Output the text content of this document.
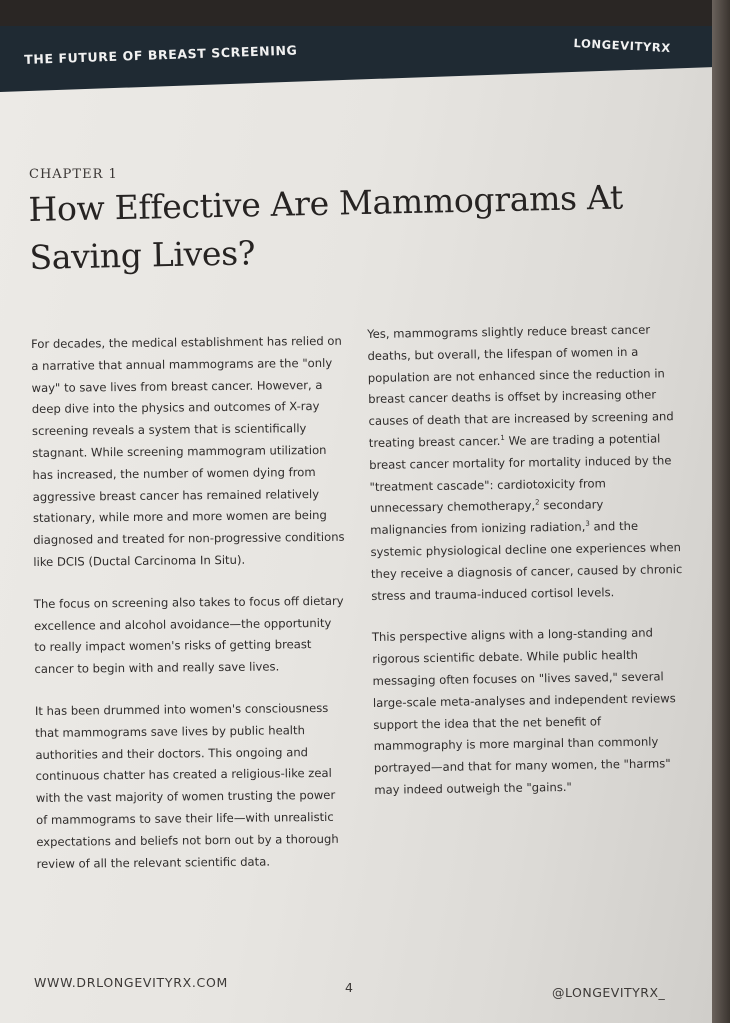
THE FUTURE OF BREAST SCREENING	LONGEVITYRX
CHAPTER 1
How Effective Are Mammograms At Saving Lives?

For decades, the medical establishment has relied on a narrative that annual mammograms are the "only way" to save lives from breast cancer. However, a deep dive into the physics and outcomes of X-ray screening reveals a system that is scientifically stagnant. While screening mammogram utilization has increased, the number of women dying from aggressive breast cancer has remained relatively stationary, while more and more women are being diagnosed and treated for non-progressive conditions like DCIS (Ductal Carcinoma In Situ).

The focus on screening also takes to focus off dietary excellence and alcohol avoidance—the opportunity to really impact women's risks of getting breast cancer to begin with and really save lives.

It has been drummed into women's consciousness that mammograms save lives by public health authorities and their doctors. This ongoing and continuous chatter has created a religious-like zeal with the vast majority of women trusting the power of mammograms to save their life—with unrealistic expectations and beliefs not born out by a thorough review of all the relevant scientific data.

Yes, mammograms slightly reduce breast cancer deaths, but overall, the lifespan of women in a population are not enhanced since the reduction in breast cancer deaths is offset by increasing other causes of death that are increased by screening and treating breast cancer.$^1$ We are trading a potential breast cancer mortality for mortality induced by the "treatment cascade": cardiotoxicity from unnecessary chemotherapy,$^2$ secondary malignancies from ionizing radiation,$^3$ and the systemic physiological decline one experiences when they receive a diagnosis of cancer, caused by chronic stress and trauma-induced cortisol levels.

This perspective aligns with a long-standing and rigorous scientific debate. While public health messaging often focuses on "lives saved," several large-scale meta-analyses and independent reviews support the idea that the net benefit of mammography is more marginal than commonly portrayed—and that for many women, the "harms" may indeed outweigh the "gains."

WWW.DRLONGEVITYRX.COM	4	@LONGEVITYRX_
